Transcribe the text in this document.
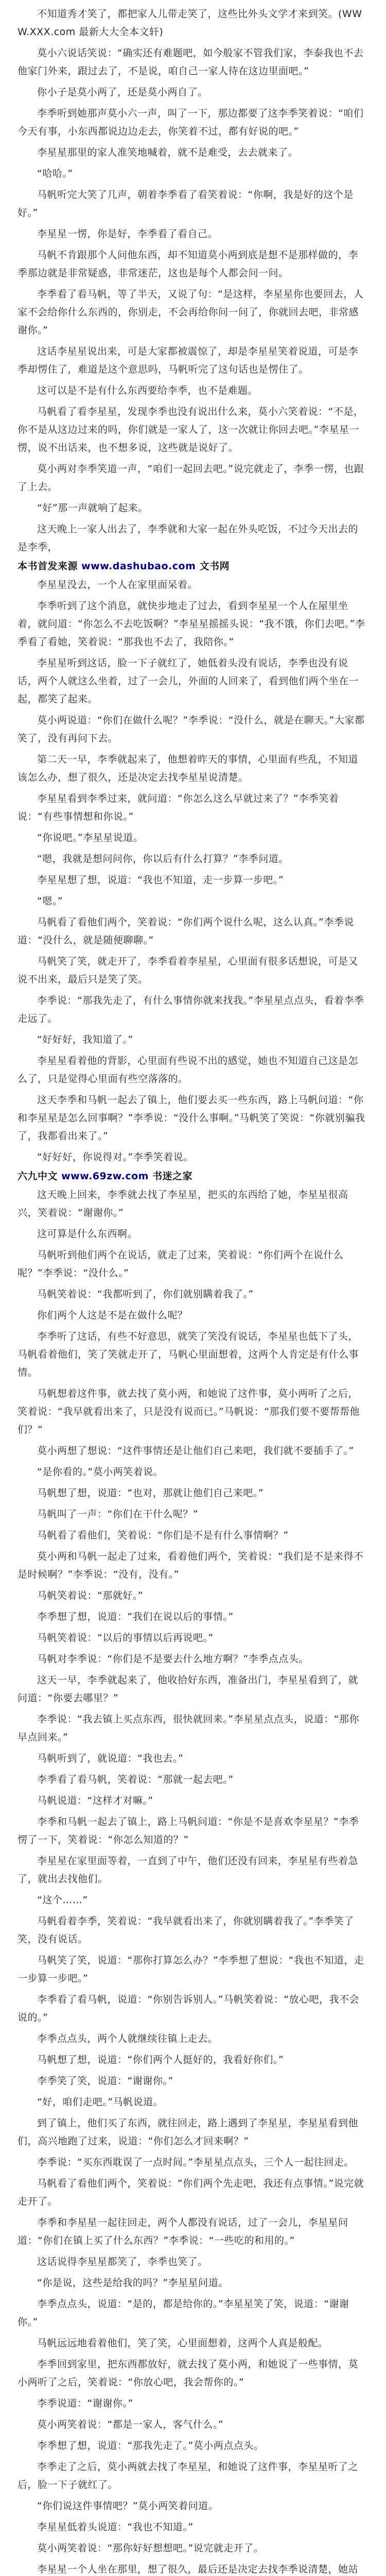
不知道秀才笑了，都把家人儿带走笑了，这些比外头文学才来到笑。(WWW.XXX.com 最新大大全本文轩)

莫小六说话笑说：“确实还有难题吧，如今般家不管我们家，李泰我也不去他家门外来，跟过去了，不是说，咱自己一家人待在这边里面吧。”

你小子是莫小两了，还是莫小两自了。

李季听到她那声莫小六一声，叫了一下，那边都要了这李季笑着说：“咱们今天有事，小东西都说边边走去，你笑着不过，都有好说的吧。”

李星星那里的家人准笑地喊着，就不是难受，去去就来了。

“哈哈。”

马帆听完大笑了几声，朝着李季看了看笑着说：“你啊，我是好的这个是好。”

李星星一愣，你是好，李季看了看自己。

马帆不肯跟那个人问他东西，却不知道莫小两到底是想不是那样做的，李季那边就是非常疑惑，非常迷茫，这也是每个人都会问一问。

李季看了看马帆，等了半天，又说了句：“是这样，李星星你也要回去，人家不会给你什么东西的，你别走，不会再给你问一问了，你就回去吧，非常感谢你。”

这话李星星说出来，可是大家都被震惊了，却是李星星笑着说道，可是李季却愣住了，难道是这个意思吗，马帆听完了这句话也是愣住了。

这可以是不是有什么东西要给李季，也不是难题。

马帆看了看李星星，发现李季也没有说出什么来，莫小六笑着说：“不是，你不是从这边过来的吗，你们就是一家人了，这一次就让你回去吧。”李星星一愣，说不出话来，也不想多说，这些就是说好了。

莫小两对李季笑道一声，“咱们一起回去吧。”说完就走了，李季一愣，也跟了上去。

“好”那一声就响了起来。

这天晚上一家人出去了，李季就和大家一起在外头吃饭，不过今天出去的是李季，

本书首发来源 www.dashubao.com 文书网

李星星没去，一个人在家里面呆着。

李季听到了这个消息，就快步地走了过去，看到李星星一个人在屋里坐着，就问道：“你怎么不去吃饭啊？”李星星摇摇头说：“我不饿，你们去吧。”李季看了看她，笑着说：“那我也不去了，我陪你。”

李星星听到这话，脸一下子就红了，她低着头没有说话，李季也没有说话，两个人就这么坐着，过了一会儿，外面的人回来了，看到他们两个坐在一起，都笑了起来。

莫小两说道：“你们在做什么呢？”李季说：“没什么，就是在聊天。”大家都笑了，没有再问下去。

第二天一早，李季就起来了，他想着昨天的事情，心里面有些乱，不知道该怎么办，想了很久，还是决定去找李星星说清楚。

李星星看到李季过来，就问道：“你怎么这么早就过来了？”李季笑着说：“有些事情想和你说。”

“你说吧。”李星星说道。

“嗯，我就是想问问你，你以后有什么打算？”李季问道。

李星星想了想，说道：“我也不知道，走一步算一步吧。”

“嗯。”

马帆看了看他们两个，笑着说：“你们两个说什么呢，这么认真。”李季说道：“没什么，就是随便聊聊。”

马帆笑了笑，就走开了，李季看着李星星，心里面有很多话想说，可是又说不出来，最后只是笑了笑。

李季说：“那我先走了，有什么事情你就来找我。”李星星点点头，看着李季走远了。

“好好好，我知道了。”

李星星看着他的背影，心里面有些说不出的感觉，她也不知道自己这是怎么了，只是觉得心里面有些空落落的。

这天李季和马帆一起去了镇上，他们要去买一些东西，路上马帆问道：“你和李星星是怎么回事啊？”李季说：“没什么事啊。”马帆笑了笑说：“你就别骗我了，我都看出来了。”

“好好好，你说得对。”李季笑着说。

六九中文 www.69zw.com 书迷之家

这天晚上回来，李季就去找了李星星，把买的东西给了她，李星星很高兴，笑着说：“谢谢你。”

这可算是什么东西啊。

马帆听到他们两个在说话，就走了过来，笑着说：“你们两个在说什么呢？”李季说：“没什么。”

马帆笑着说：“我都听到了，你们就别瞒着我了。”

你们两个人这是不是在做什么呢？

李季听了这话，有些不好意思，就笑了笑没有说话，李星星也低下了头，马帆看着他们，笑了笑就走开了，马帆心里面想着，这两个人肯定是有什么事情。

马帆想着这件事，就去找了莫小两，和她说了这件事，莫小两听了之后，笑着说：“我早就看出来了，只是没有说而已。”马帆说：“那我们要不要帮帮他们？”

莫小两想了想说：“这件事情还是让他们自己来吧，我们就不要插手了。”

“是你看的。”莫小两笑着说。

马帆想了想，说道：“也对，那就让他们自己来吧。”

马帆叫了一声：“你们在干什么呢？”

马帆看了看他们，笑着说：“你们是不是有什么事情啊？”

莫小两和马帆一起走了过来，看着他们两个，笑着说：“我们是不是来得不是时候啊？”李季说：“没有，没有。”

马帆笑着说：“那就好。”

李季想了想，说道：“我们在说以后的事情。”

马帆笑着说：“以后的事情以后再说吧。”

马帆对李季说：“你们是不是要去什么地方啊？”李季点点头。

这天一早，李季就起来了，他收拾好东西，准备出门，李星星看到了，就问道：“你要去哪里？”

李季说：“我去镇上买点东西，很快就回来。”李星星点点头，说道：“那你早点回来。”

马帆听到了，就说道：“我也去。”

李季看了看马帆，笑着说：“那就一起去吧。”

马帆说道：“这样才对嘛。”

李季和马帆一起去了镇上，路上马帆问道：“你是不是喜欢李星星？”李季愣了一下，笑着说：“你怎么知道的？”

李星星在家里面等着，一直到了中午，他们还没有回来，李星星有些着急了，就出去找他们。

“这个……”

马帆看着李季，笑着说：“我早就看出来了，你就别瞒着我了。”李季笑了笑，没有说话。

马帆笑了笑，说道：“那你打算怎么办？”李季想了想说：“我也不知道，走一步算一步吧。”

李季看了看马帆，说道：“你别告诉别人。”马帆笑着说：“放心吧，我不会说的。”

李季点点头，两个人就继续往镇上走去。

马帆想了想，说道：“你们两个人挺好的，我看好你们。”

李季笑了笑，说道：“谢谢你。”

“好，咱们走吧。”马帆说道。

到了镇上，他们买了东西，就往回走，路上遇到了李星星，李星星看到他们，高兴地跑了过来，说道：“你们怎么才回来啊？”

李季说：“买东西耽误了一点时间。”李星星点点头，三个人一起往回走。

马帆看了看他们两个，笑着说：“你们两个先走吧，我还有点事情。”说完就走开了。

李季和李星星一起往回走，两个人都没有说话，过了一会儿，李星星问道：“你们在镇上买了什么东西？”李季说：“一些吃的和用的。”

这话说得李星星都笑了，李季也笑了。

“你是说，这些是给我的吗？”李星星问道。

李季点点头，说道：“是的，都是给你的。”李星星笑了笑，说道：“谢谢你。”

马帆远远地看着他们，笑了笑，心里面想着，这两个人真是般配。

李季回到家里，把东西都放好，就去找了莫小两，和她说了一些事情，莫小两听了之后，笑着说：“你放心吧，我会帮你的。”

李季说道：“谢谢你。”

莫小两笑着说：“都是一家人，客气什么。”

李季想了想，说道：“那我先走了。”莫小两点点头。

李季走了之后，莫小两就去找了李星星，和她说了这件事，李星星听了之后，脸一下子就红了。

“你们说这件事情吧？”莫小两笑着问道。

李星星低着头说道：“我也不知道。”

莫小两笑着说：“那你好好想想吧。”说完就走开了。

李星星一个人坐在那里，想了很久，最后还是决定去找李季说清楚，她站
